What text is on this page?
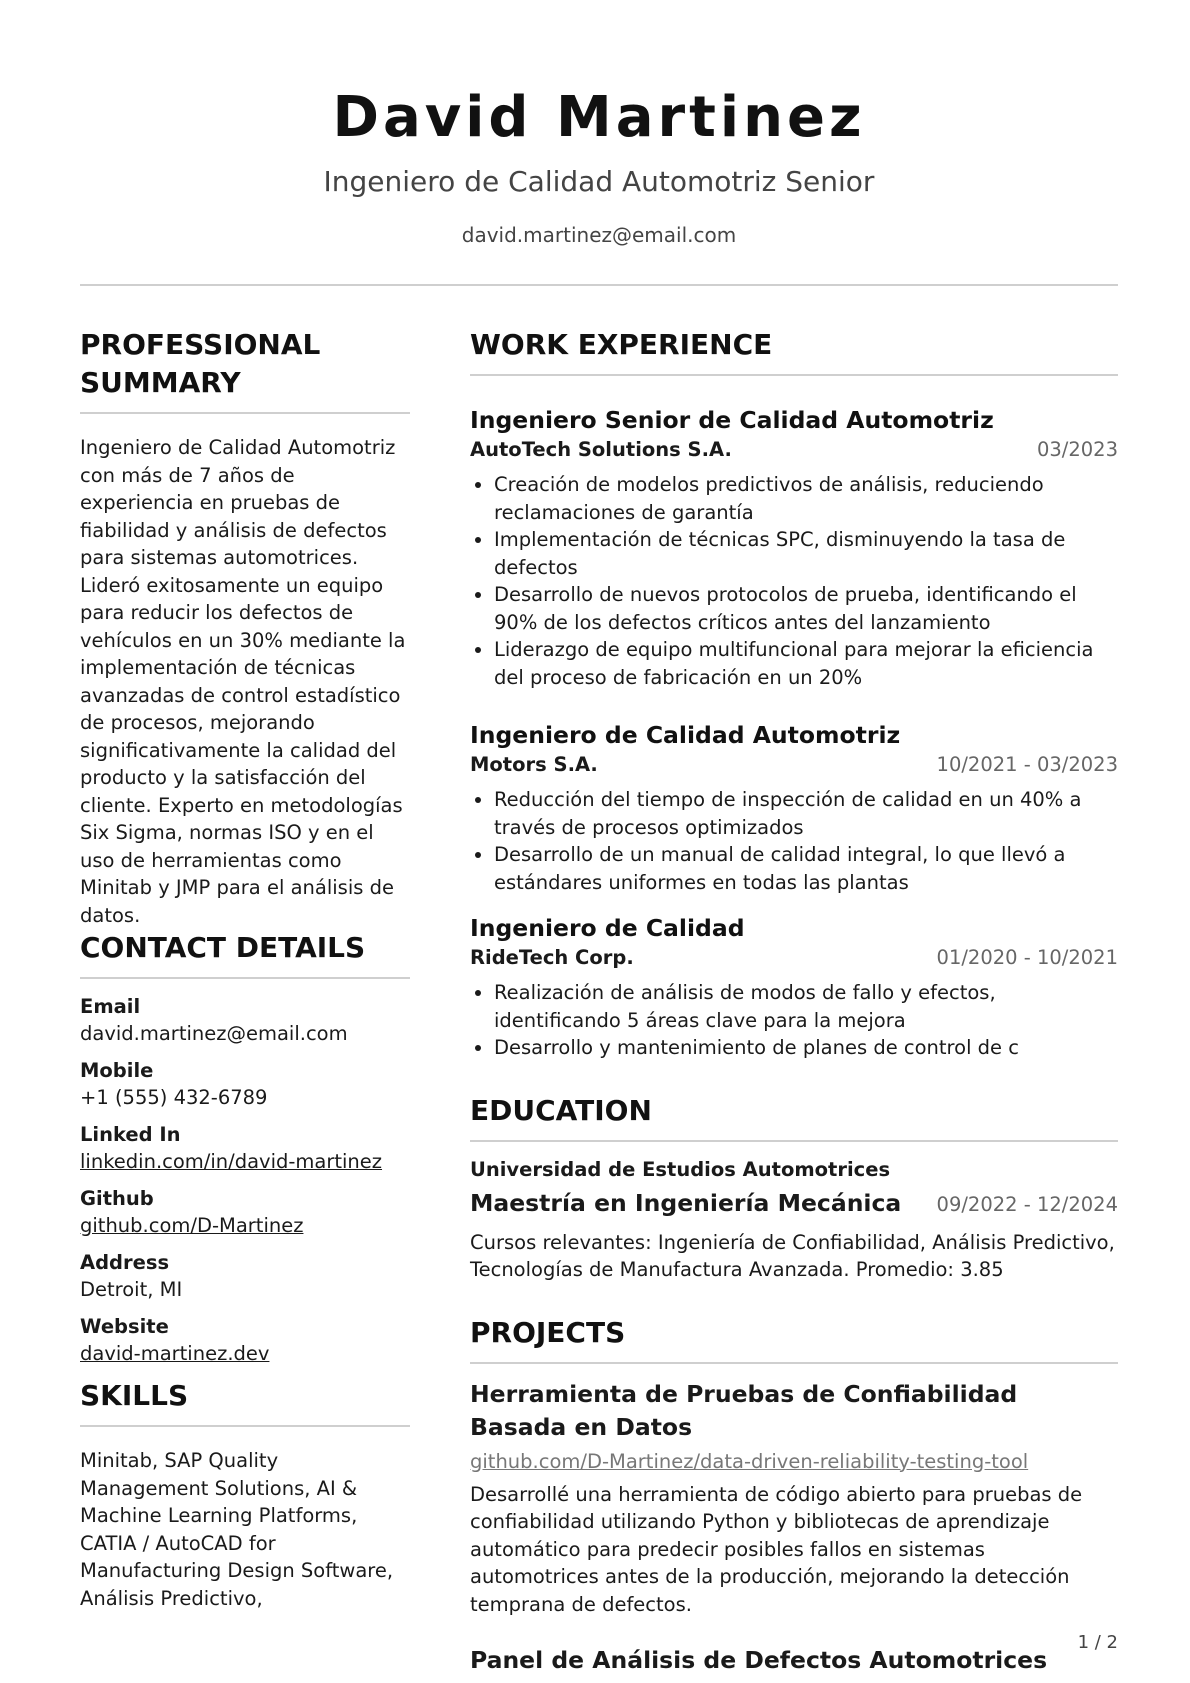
David Martinez
Ingeniero de Calidad Automotriz Senior
david.martinez@email.com
PROFESSIONAL SUMMARY
Ingeniero de Calidad Automotriz con más de 7 años de experiencia en pruebas de fiabilidad y análisis de defectos para sistemas automotrices. Lideró exitosamente un equipo para reducir los defectos de vehículos en un 30% mediante la implementación de técnicas avanzadas de control estadístico de procesos, mejorando significativamente la calidad del producto y la satisfacción del cliente. Experto en metodologías Six Sigma, normas ISO y en el uso de herramientas como Minitab y JMP para el análisis de datos.
CONTACT DETAILS
Email
david.martinez@email.com
Mobile
+1 (555) 432-6789
Linked In
linkedin.com/in/david-martinez
Github
github.com/D-Martinez
Address
Detroit, MI
Website
david-martinez.dev
SKILLS
Minitab, SAP Quality Management Solutions, AI & Machine Learning Platforms, CATIA / AutoCAD for Manufacturing Design Software, Análisis Predictivo,
WORK EXPERIENCE
Ingeniero Senior de Calidad Automotriz
AutoTech Solutions S.A.	03/2023
• Creación de modelos predictivos de análisis, reduciendo reclamaciones de garantía
• Implementación de técnicas SPC, disminuyendo la tasa de defectos
• Desarrollo de nuevos protocolos de prueba, identificando el 90% de los defectos críticos antes del lanzamiento
• Liderazgo de equipo multifuncional para mejorar la eficiencia del proceso de fabricación en un 20%
Ingeniero de Calidad Automotriz
Motors S.A.	10/2021 - 03/2023
• Reducción del tiempo de inspección de calidad en un 40% a través de procesos optimizados
• Desarrollo de un manual de calidad integral, lo que llevó a estándares uniformes en todas las plantas
Ingeniero de Calidad
RideTech Corp.	01/2020 - 10/2021
• Realización de análisis de modos de fallo y efectos, identificando 5 áreas clave para la mejora
• Desarrollo y mantenimiento de planes de control de c
EDUCATION
Universidad de Estudios Automotrices
Maestría en Ingeniería Mecánica 09/2022 - 12/2024
Cursos relevantes: Ingeniería de Confiabilidad, Análisis Predictivo, Tecnologías de Manufactura Avanzada. Promedio: 3.85
PROJECTS
Herramienta de Pruebas de Confiabilidad Basada en Datos
github.com/D-Martinez/data-driven-reliability-testing-tool
Desarrollé una herramienta de código abierto para pruebas de confiabilidad utilizando Python y bibliotecas de aprendizaje automático para predecir posibles fallos en sistemas automotrices antes de la producción, mejorando la detección temprana de defectos.
Panel de Análisis de Defectos Automotrices
1 / 2
